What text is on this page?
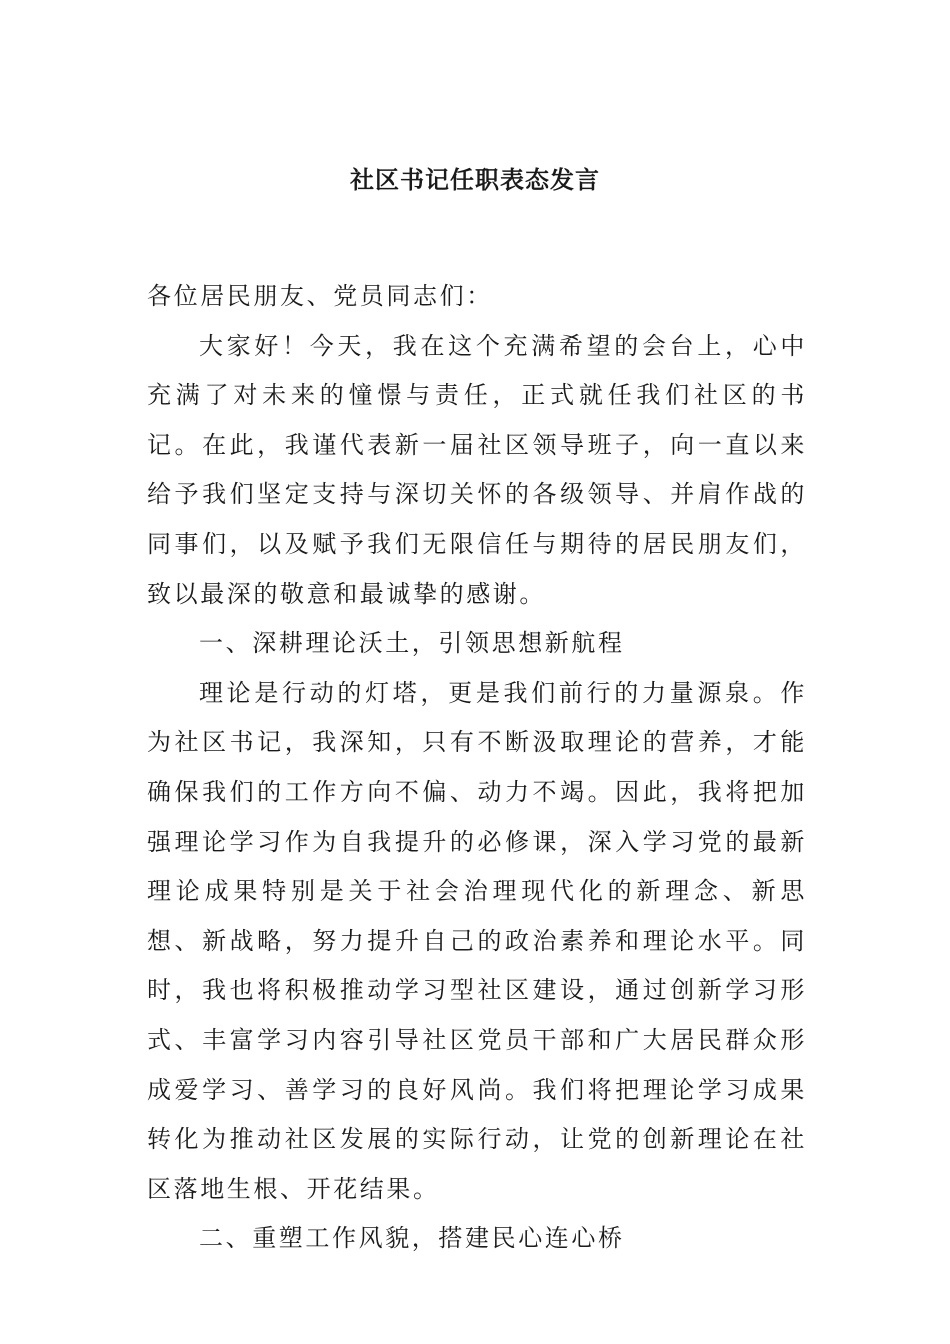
社区书记任职表态发言

各位居民朋友、党员同志们：

大家好！今天，我在这个充满希望的会台上，心中充满了对未来的憧憬与责任，正式就任我们社区的书记。在此，我谨代表新一届社区领导班子，向一直以来给予我们坚定支持与深切关怀的各级领导、并肩作战的同事们，以及赋予我们无限信任与期待的居民朋友们，致以最深的敬意和最诚挚的感谢。

一、深耕理论沃土，引领思想新航程

理论是行动的灯塔，更是我们前行的力量源泉。作为社区书记，我深知，只有不断汲取理论的营养，才能确保我们的工作方向不偏、动力不竭。因此，我将把加强理论学习作为自我提升的必修课，深入学习党的最新理论成果特别是关于社会治理现代化的新理念、新思想、新战略，努力提升自己的政治素养和理论水平。同时，我也将积极推动学习型社区建设，通过创新学习形式、丰富学习内容引导社区党员干部和广大居民群众形成爱学习、善学习的良好风尚。我们将把理论学习成果转化为推动社区发展的实际行动，让党的创新理论在社区落地生根、开花结果。

二、重塑工作风貌，搭建民心连心桥
